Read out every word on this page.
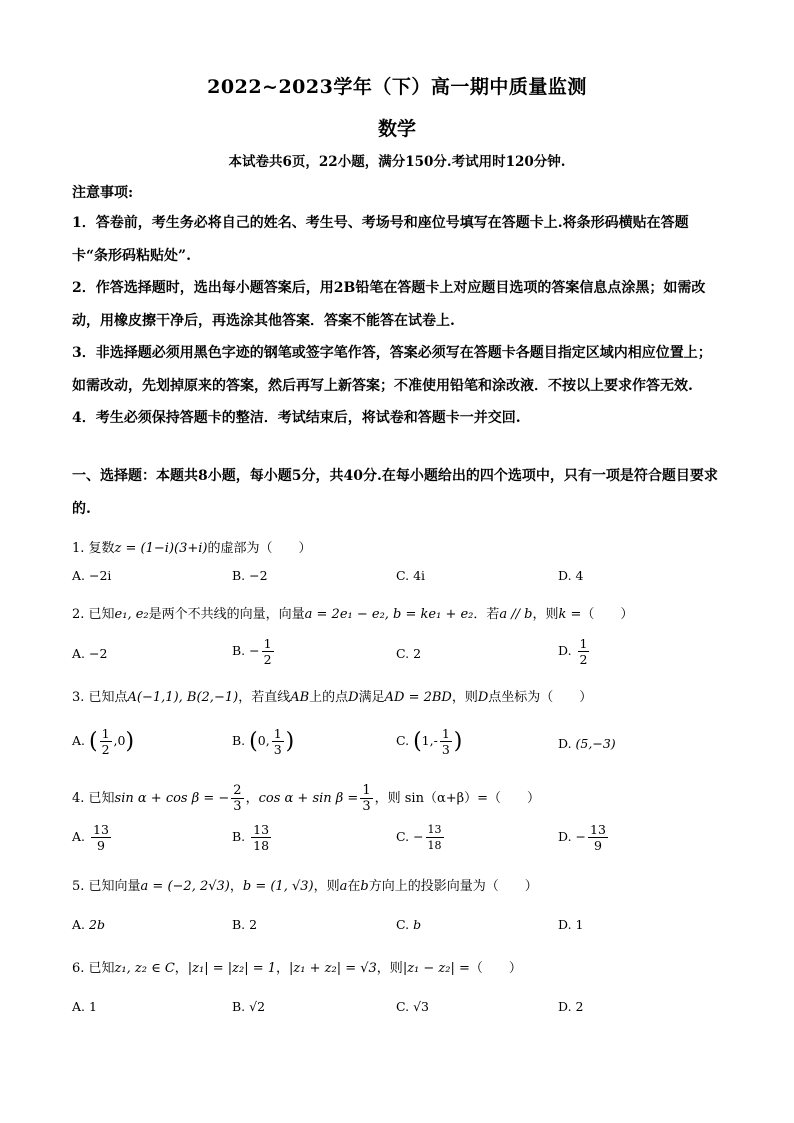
2022~2023学年（下）高一期中质量监测
数学
本试卷共6页，22小题，满分150分.考试用时120分钟.
注意事项:

1．答卷前，考生务必将自己的姓名、考生号、考场号和座位号填写在答题卡上.将条形码横贴在答题卡“条形码粘贴处”.

2．作答选择题时，选出每小题答案后，用2B铅笔在答题卡上对应题目选项的答案信息点涂黑；如需改动，用橡皮擦干净后，再选涂其他答案．答案不能答在试卷上.

3．非选择题必须用黑色字迹的钢笔或签字笔作答，答案必须写在答题卡各题目指定区域内相应位置上；如需改动，先划掉原来的答案，然后再写上新答案；不准使用铅笔和涂改液．不按以上要求作答无效.

4．考生必须保持答题卡的整洁．考试结束后，将试卷和答题卡一并交回.

一、选择题：本题共8小题，每小题5分，共40分.在每小题给出的四个选项中，只有一项是符合题目要求的.
1. 复数z = (1−i)(3+i)的虚部为（　　）
A. −2i	B. −2	C. 4i	D. 4
2. 已知e₁, e₂是两个不共线的向量，向量a = 2e₁ − e₂, b = ke₁ + e₂．若a // b，则k =（　　）
A. −2	B. − $\frac{1}{2}$	C. 2	D. $\frac{1}{2}$
3. 已知点A(−1,1), B(2,−1)，若直线AB上的点D满足AD = 2BD，则D点坐标为（　　）
A. ( $\frac{1}{2} ,0$)	B. (0, $\frac{1}{3}$ )	C. ($1,- \frac{1}{3}$ )	D. (5,−3)
4. 已知sin α + cos β = − $\frac{2}{3}$ ，$\cos \alpha + \sin \beta = \frac{1}{3}$ ，则 sin（α+β）=（　　）
A. $\frac{13}{9}$	B. $\frac{13}{18}$	C. − $\frac{13}{18}$	D. − $\frac{13}{9}$
5. 已知向量a = (−2, 2√3)，b = (1, √3)，则a在b方向上的投影向量为（　　）
A. 2b	B. 2	C. b	D. 1
6. 已知z₁, z₂ ∈ C，|z₁| = |z₂| = 1，|z₁ + z₂| = √3，则|z₁ − z₂| =（　　）
A. 1	B. √2	C. √3	D. 2
